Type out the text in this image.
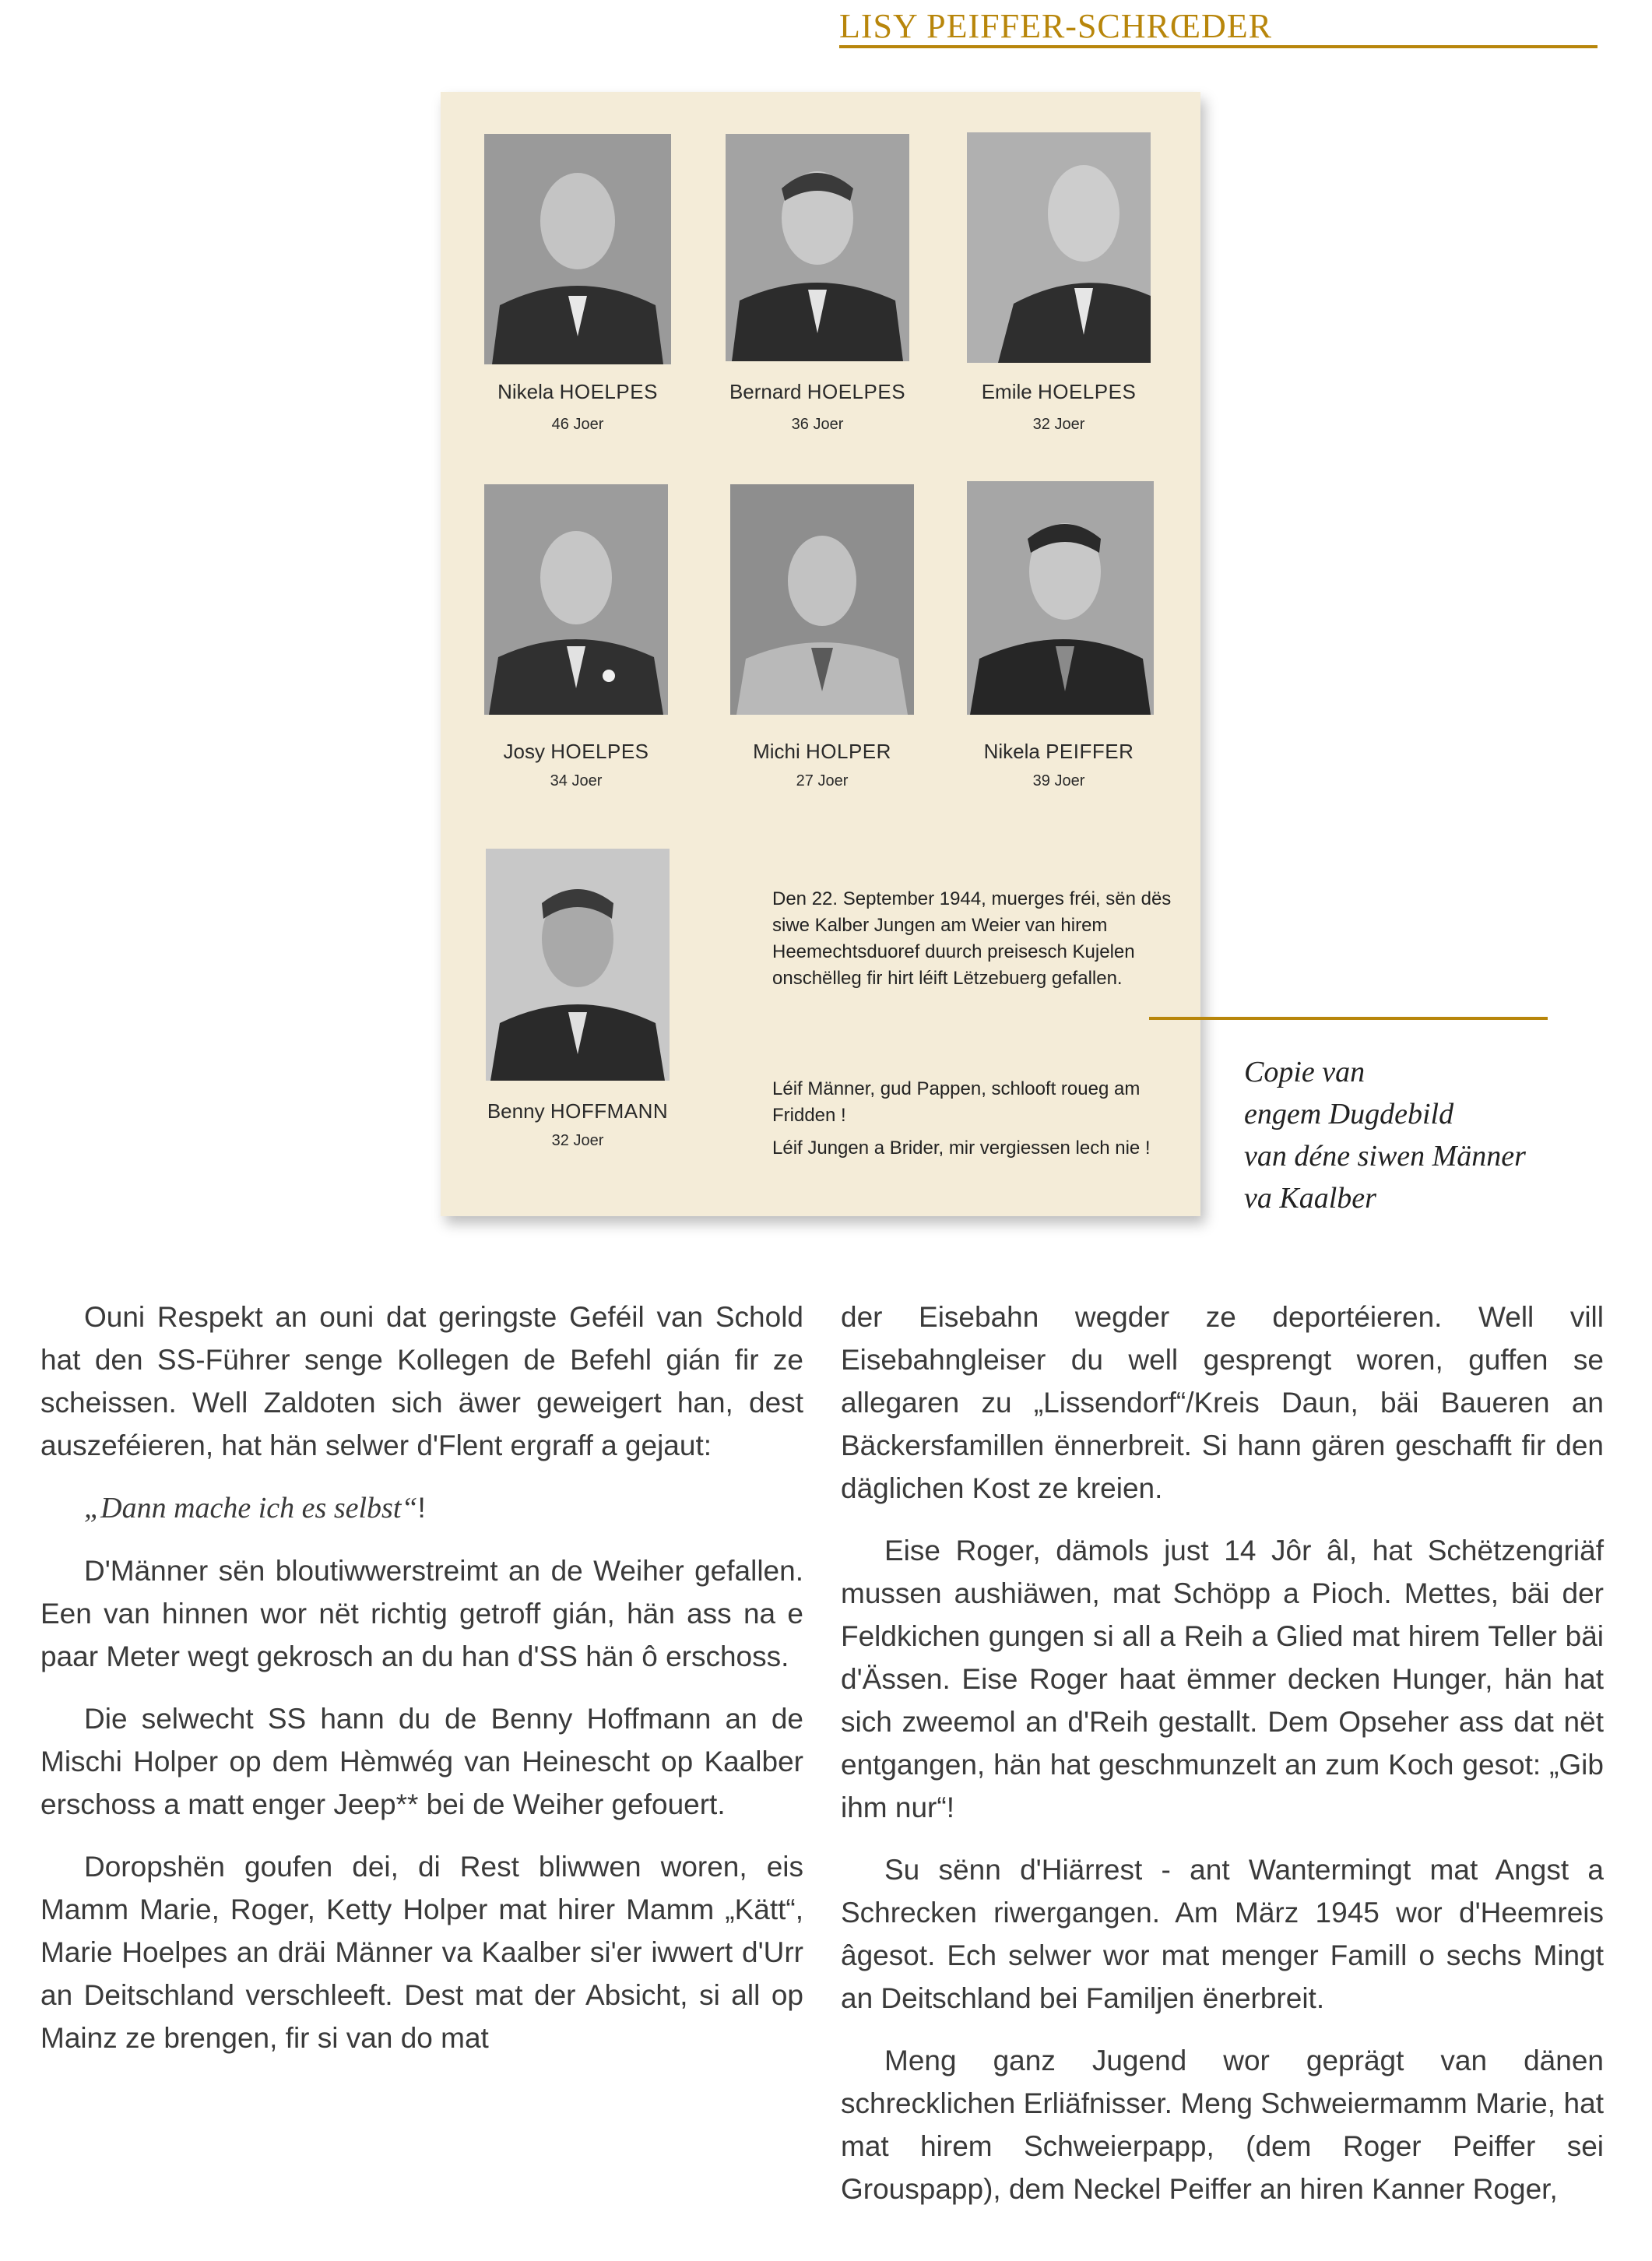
LISY PEIFFER-SCHRŒDER
Nikela HOELPES
46 Joer
Bernard HOELPES
36 Joer
Emile HOELPES
32 Joer
Josy HOELPES
34 Joer
Michi HOLPER
27 Joer
Nikela PEIFFER
39 Joer
Benny HOFFMANN
32 Joer
Den 22. September 1944, muerges fréi, sën dës siwe Kalber Jungen am Weier van hirem Heemechtsduoref duurch preisesch Kujelen onschëlleg fir hirt léift Lëtzebuerg gefallen.

Léif Männer, gud Pappen, schlooft roueg am Fridden !

Léif Jungen a Brider, mir vergiessen lech nie !

Copie van
engem Dugdebild
van déne siwen Männer
va Kaalber

Ouni Respekt an ouni dat geringste Geféil van Schold hat den SS-Führer senge Kollegen de Befehl gián fir ze scheissen. Well Zaldoten sich äwer geweigert han, dest auszeféieren, hat hän selwer d'Flent ergraff a gejaut:

„Dann mache ich es selbst“!

D'Männer sën bloutiwwerstreimt an de Weiher gefallen. Een van hinnen wor nët richtig getroff gián, hän ass na e paar Meter wegt gekrosch an du han d'SS hän ô erschoss.

Die selwecht SS hann du de Benny Hoffmann an de Mischi Holper op dem Hèmwég van Heinescht op Kaalber erschoss a matt enger Jeep** bei de Weiher gefouert.

Doropshën goufen dei, di Rest bliwwen woren, eis Mamm Marie, Roger, Ketty Holper mat hirer Mamm „Kätt“, Marie Hoelpes an dräi Männer va Kaalber si'er iwwert d'Urr an Deitschland verschleeft. Dest mat der Absicht, si all op Mainz ze brengen, fir si van do mat

der Eisebahn wegder ze deportéieren. Well vill Eisebahngleiser du well gesprengt woren, guffen se allegaren zu „Lissendorf“/Kreis Daun, bäi Baueren an Bäckersfamillen ënnerbreit. Si hann gären geschafft fir den däglichen Kost ze kreien.

Eise Roger, dämols just 14 Jôr âl, hat Schëtzengriäf mussen aushiäwen, mat Schöpp a Pioch. Mettes, bäi der Feldkichen gungen si all a Reih a Glied mat hirem Teller bäi d'Ässen. Eise Roger haat ëmmer decken Hunger, hän hat sich zweemol an d'Reih gestallt. Dem Opseher ass dat nët entgangen, hän hat geschmunzelt an zum Koch gesot: „Gib ihm nur“!

Su sënn d'Hiärrest - ant Wantermingt mat Angst a Schrecken riwergangen. Am März 1945 wor d'Heemreis âgesot. Ech selwer wor mat menger Famill o sechs Mingt an Deitschland bei Familjen ënerbreit.

Meng ganz Jugend wor geprägt van dänen schrecklichen Erliäfnisser. Meng Schweiermamm Marie, hat mat hirem Schweierpapp, (dem Roger Peiffer sei Grouspapp), dem Neckel Peiffer an hiren Kanner Roger,
